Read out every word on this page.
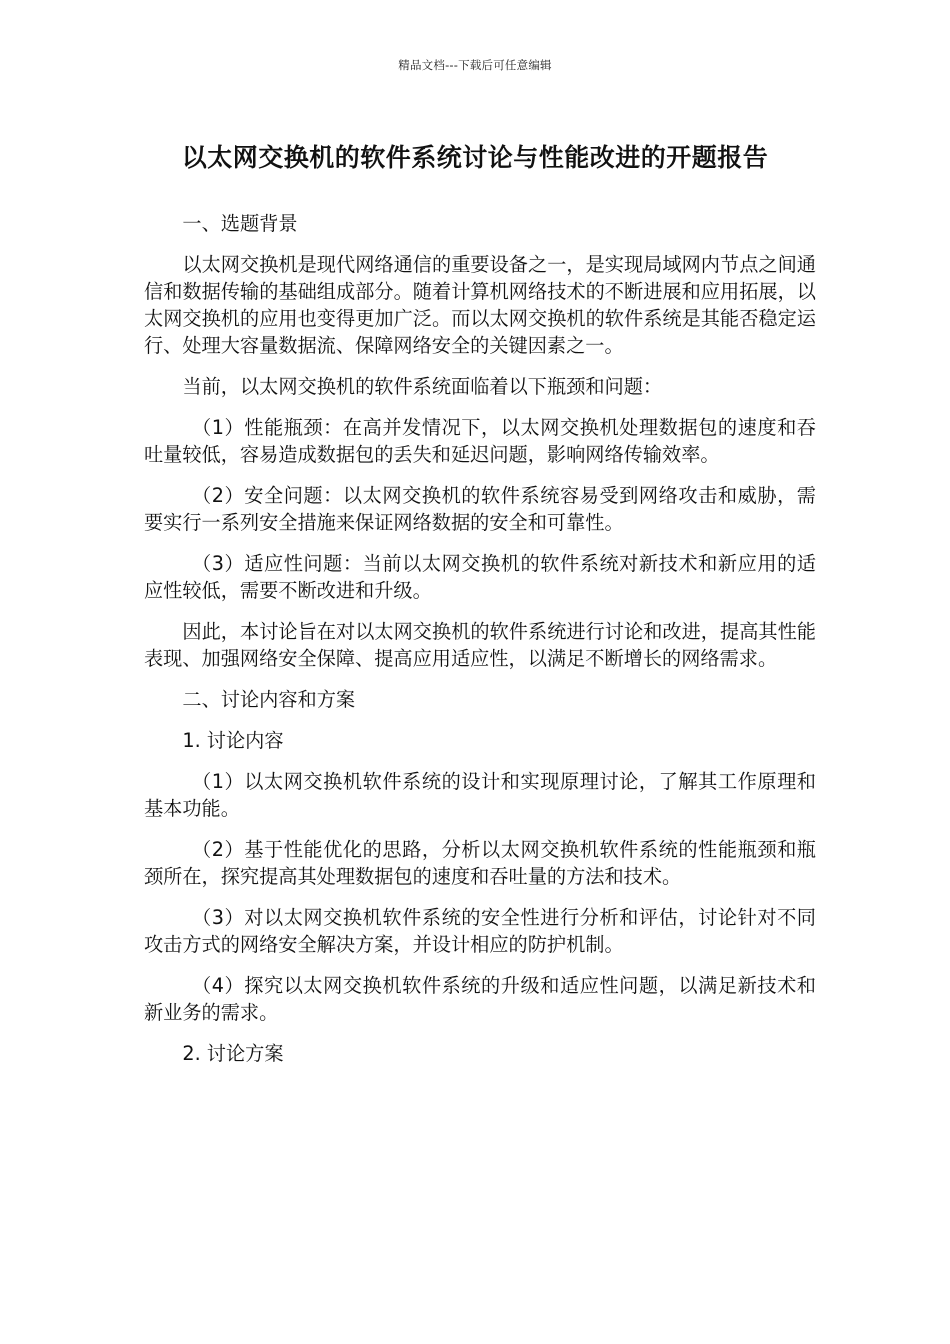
精品文档---下载后可任意编辑
以太网交换机的软件系统讨论与性能改进的开题报告

一、选题背景

以太网交换机是现代网络通信的重要设备之一，是实现局域网内节点之间通信和数据传输的基础组成部分。随着计算机网络技术的不断进展和应用拓展，以太网交换机的应用也变得更加广泛。而以太网交换机的软件系统是其能否稳定运行、处理大容量数据流、保障网络安全的关键因素之一。

当前，以太网交换机的软件系统面临着以下瓶颈和问题：

（1）性能瓶颈：在高并发情况下，以太网交换机处理数据包的速度和吞吐量较低，容易造成数据包的丢失和延迟问题，影响网络传输效率。

（2）安全问题：以太网交换机的软件系统容易受到网络攻击和威胁，需要实行一系列安全措施来保证网络数据的安全和可靠性。

（3）适应性问题：当前以太网交换机的软件系统对新技术和新应用的适应性较低，需要不断改进和升级。

因此，本讨论旨在对以太网交换机的软件系统进行讨论和改进，提高其性能表现、加强网络安全保障、提高应用适应性，以满足不断增长的网络需求。

二、讨论内容和方案

1. 讨论内容

（1）以太网交换机软件系统的设计和实现原理讨论，了解其工作原理和基本功能。

（2）基于性能优化的思路，分析以太网交换机软件系统的性能瓶颈和瓶颈所在，探究提高其处理数据包的速度和吞吐量的方法和技术。

（3）对以太网交换机软件系统的安全性进行分析和评估，讨论针对不同攻击方式的网络安全解决方案，并设计相应的防护机制。

（4）探究以太网交换机软件系统的升级和适应性问题，以满足新技术和新业务的需求。

2. 讨论方案
